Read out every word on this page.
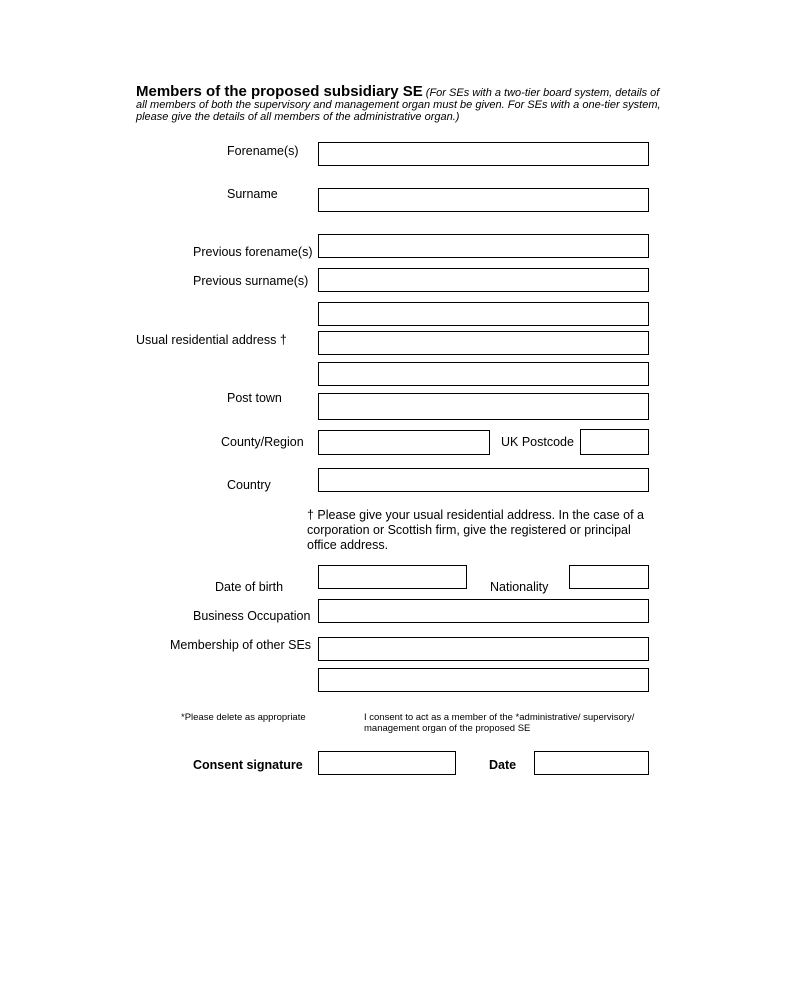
Members of the proposed subsidiary SE (For SEs with a two-tier board system, details of all members of both the supervisory and management organ must be given. For SEs with a one-tier system, please give the details of all members of the administrative organ.)
Forename(s)
Surname
Previous forename(s)
Previous surname(s)
Usual residential address †
Post town
County/Region	UK Postcode
Country
† Please give your usual residential address. In the case of a corporation or Scottish firm, give the registered or principal office address.
Date of birth	Nationality
Business Occupation
Membership of other SEs
*Please delete as appropriate	I consent to act as a member of the *administrative/ supervisory/ management organ of the proposed SE
Consent signature	Date
